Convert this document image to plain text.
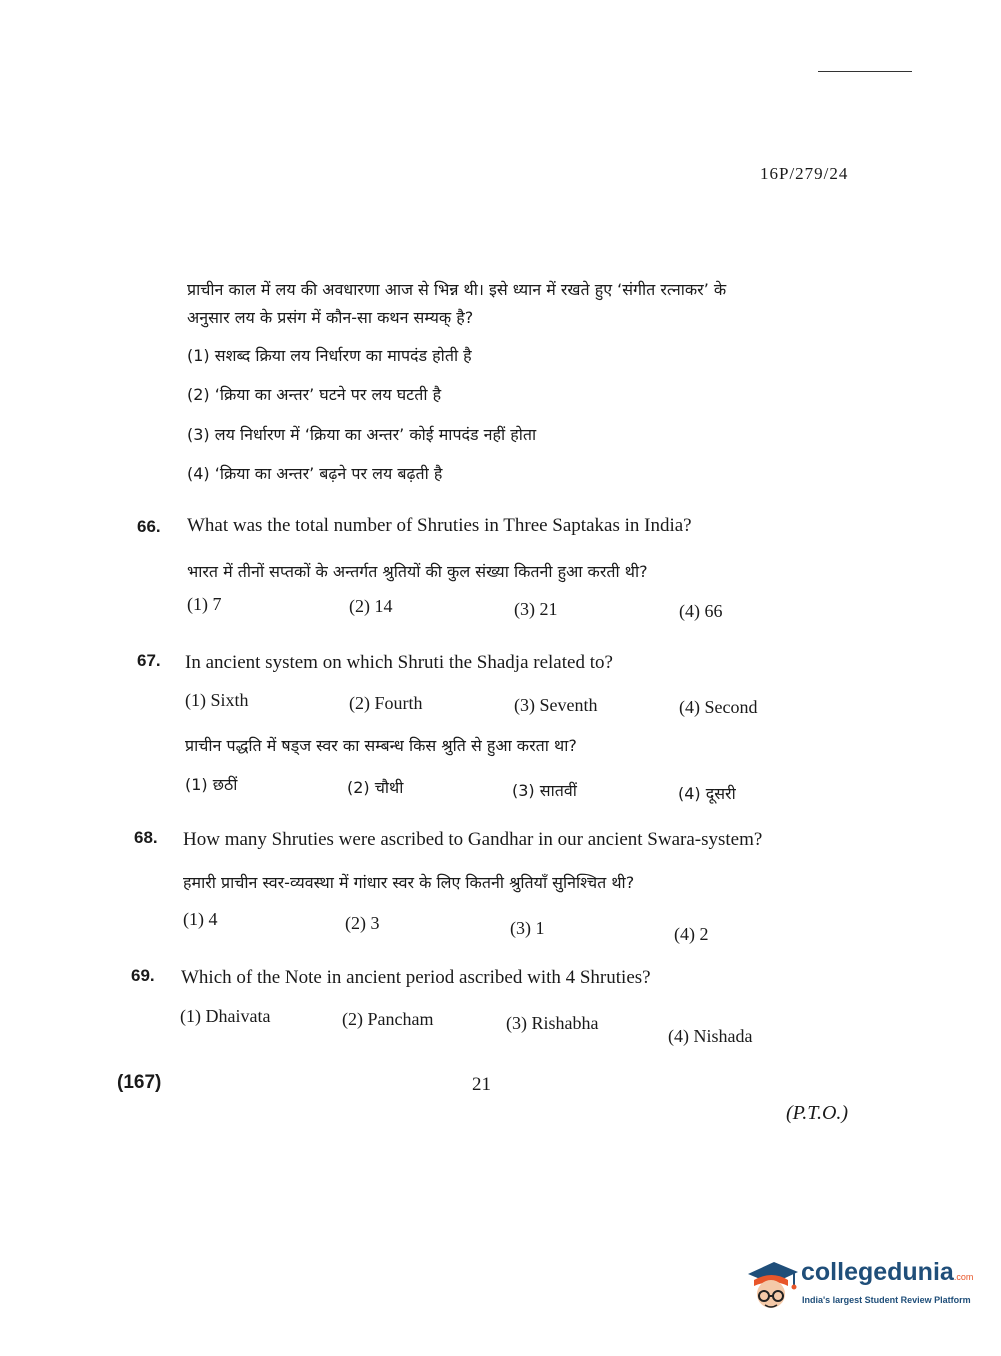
16P/279/24
प्राचीन काल में लय की अवधारणा आज से भिन्न थी। इसे ध्यान में रखते हुए ‘संगीत रत्नाकर’ के
अनुसार लय के प्रसंग में कौन-सा कथन सम्यक् है?
(1) सशब्द क्रिया लय निर्धारण का मापदंड होती है
(2) ‘क्रिया का अन्तर’ घटने पर लय घटती है
(3) लय निर्धारण में ‘क्रिया का अन्तर’ कोई मापदंड नहीं होता
(4) ‘क्रिया का अन्तर’ बढ़ने पर लय बढ़ती है
66. What was the total number of Shruties in Three Saptakas in India?
भारत में तीनों सप्तकों के अन्तर्गत श्रुतियों की कुल संख्या कितनी हुआ करती थी?
(1) 7	(2) 14	(3) 21	(4) 66
67. In ancient system on which Shruti the Shadja related to?
(1) Sixth	(2) Fourth	(3) Seventh	(4) Second
प्राचीन पद्धति में षड्ज स्वर का सम्बन्ध किस श्रुति से हुआ करता था?
(1) छठीं	(2) चौथी	(3) सातवीं	(4) दूसरी
68. How many Shruties were ascribed to Gandhar in our ancient Swara-system?
हमारी प्राचीन स्वर-व्यवस्था में गांधार स्वर के लिए कितनी श्रुतियाँ सुनिश्चित थी?
(1) 4	(2) 3	(3) 1	(4) 2
69. Which of the Note in ancient period ascribed with 4 Shruties?
(1) Dhaivata	(2) Pancham	(3) Rishabha
(4) Nishada
(167)	21
(P.T.O.)
collegedunia.com
India's largest Student Review Platform
